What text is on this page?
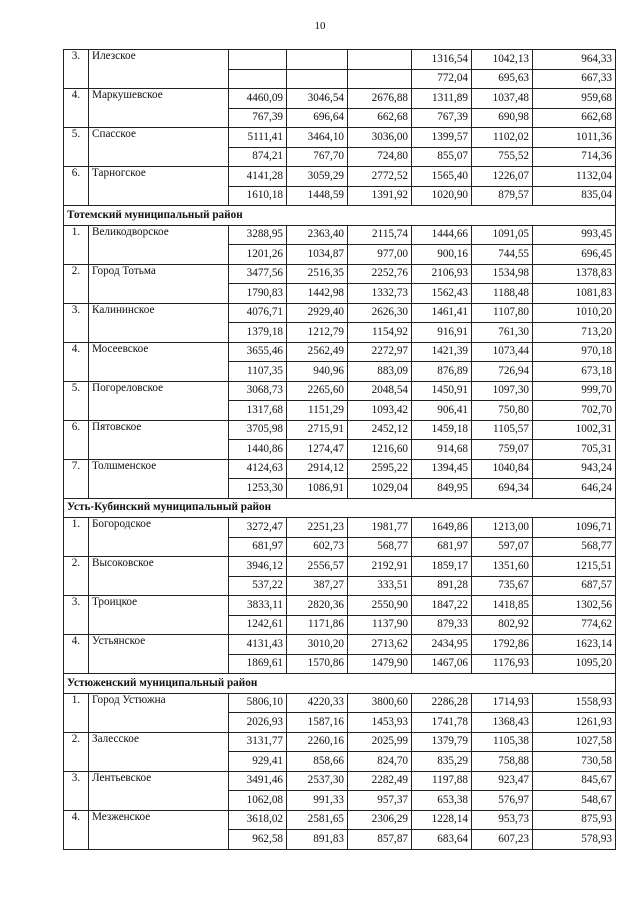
10
3.	Илезское				1316,54	1042,13	964,33
					772,04	695,63	667,33
4.	Маркушевское	4460,09	3046,54	2676,88	1311,89	1037,48	959,68
		767,39	696,64	662,68	767,39	690,98	662,68
5.	Спасское	5111,41	3464,10	3036,00	1399,57	1102,02	1011,36
		874,21	767,70	724,80	855,07	755,52	714,36
6.	Тарногское	4141,28	3059,29	2772,52	1565,40	1226,07	1132,04
		1610,18	1448,59	1391,92	1020,90	879,57	835,04
Тотемский муниципальный район							
1.	Великодворское	3288,95	2363,40	2115,74	1444,66	1091,05	993,45
		1201,26	1034,87	977,00	900,16	744,55	696,45
2.	Город Тотьма	3477,56	2516,35	2252,76	2106,93	1534,98	1378,83
		1790,83	1442,98	1332,73	1562,43	1188,48	1081,83
3.	Калининское	4076,71	2929,40	2626,30	1461,41	1107,80	1010,20
		1379,18	1212,79	1154,92	916,91	761,30	713,20
4.	Мосеевское	3655,46	2562,49	2272,97	1421,39	1073,44	970,18
		1107,35	940,96	883,09	876,89	726,94	673,18
5.	Погореловское	3068,73	2265,60	2048,54	1450,91	1097,30	999,70
		1317,68	1151,29	1093,42	906,41	750,80	702,70
6.	Пятовское	3705,98	2715,91	2452,12	1459,18	1105,57	1002,31
		1440,86	1274,47	1216,60	914,68	759,07	705,31
7.	Толшменское	4124,63	2914,12	2595,22	1394,45	1040,84	943,24
		1253,30	1086,91	1029,04	849,95	694,34	646,24
Усть-Кубинский муниципальный район							
1.	Богородское	3272,47	2251,23	1981,77	1649,86	1213,00	1096,71
		681,97	602,73	568,77	681,97	597,07	568,77
2.	Высоковское	3946,12	2556,57	2192,91	1859,17	1351,60	1215,51
		537,22	387,27	333,51	891,28	735,67	687,57
3.	Троицкое	3833,11	2820,36	2550,90	1847,22	1418,85	1302,56
		1242,61	1171,86	1137,90	879,33	802,92	774,62
4.	Устьянское	4131,43	3010,20	2713,62	2434,95	1792,86	1623,14
		1869,61	1570,86	1479,90	1467,06	1176,93	1095,20
Устюженский муниципальный район							
1.	Город Устюжна	5806,10	4220,33	3800,60	2286,28	1714,93	1558,93
		2026,93	1587,16	1453,93	1741,78	1368,43	1261,93
2.	Залесское	3131,77	2260,16	2025,99	1379,79	1105,38	1027,58
		929,41	858,66	824,70	835,29	758,88	730,58
3.	Лентьевское	3491,46	2537,30	2282,49	1197,88	923,47	845,67
		1062,08	991,33	957,37	653,38	576,97	548,67
4.	Мезженское	3618,02	2581,65	2306,29	1228,14	953,73	875,93
		962,58	891,83	857,87	683,64	607,23	578,93
